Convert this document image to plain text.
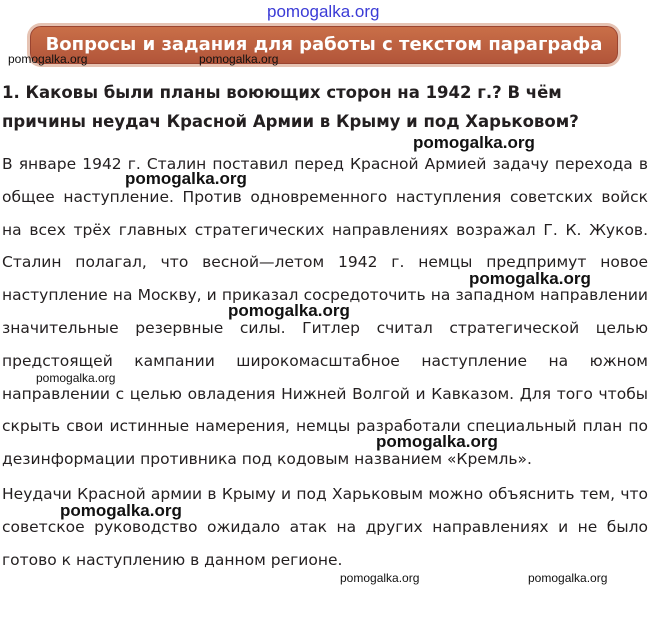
pomogalka.org
Вопросы и задания для работы с текстом параграфа
pomogalka.org	pomogalka.org
1. Каковы были планы воюющих сторон на 1942 г.? В чём причины неудач Красной Армии в Крыму и под Харьковом?

В январе 1942 г. Сталин поставил перед Красной Армией задачу перехода в общее наступление. Против одновременного наступления советских войск на всех трёх главных стратегических направлениях возражал Г. К. Жуков. Сталин полагал, что весной—летом 1942 г. немцы предпримут новое наступление на Москву, и приказал сосредоточить на западном направлении значительные резервные силы. Гитлер считал стратегической целью предстоящей кампании широкомасштабное наступление на южном направлении с целью овладения Нижней Волгой и Кавказом. Для того чтобы скрыть свои истинные намерения, немцы разработали специальный план по дезинформации противника под кодовым названием «Кремль».

Неудачи Красной армии в Крыму и под Харьковым можно объяснить тем, что советское руководство ожидало атак на других направлениях и не было готово к наступлению в данном регионе.

pomogalka.org
pomogalka.org
pomogalka.org
pomogalka.org
pomogalka.org
pomogalka.org
pomogalka.org
pomogalka.org	pomogalka.org
